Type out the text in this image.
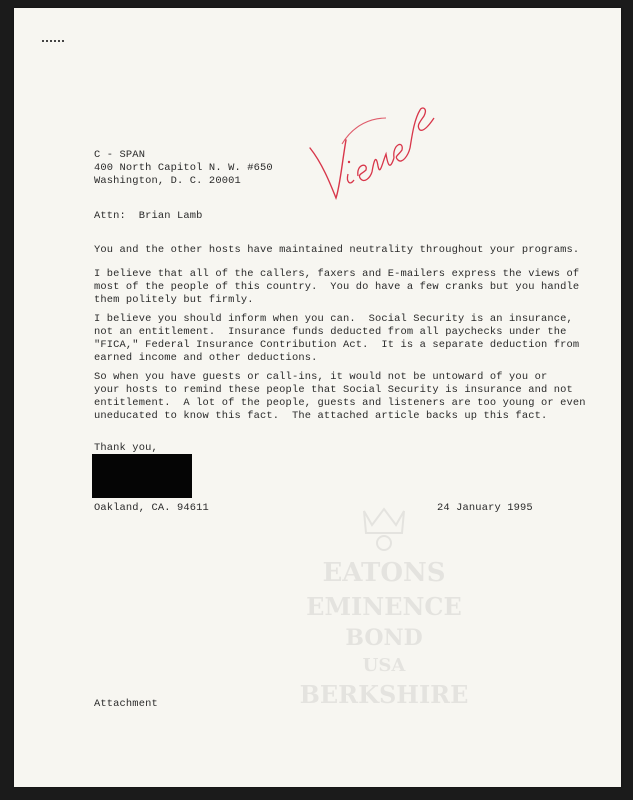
EATONS
EMINENCE
BOND
USA
BERKSHIRE
C - SPAN
400 North Capitol N. W. #650
Washington, D. C. 20001
Attn:  Brian Lamb
You and the other hosts have maintained neutrality throughout your programs.
I believe that all of the callers, faxers and E-mailers express the views of
most of the people of this country.  You do have a few cranks but you handle
them politely but firmly.
I believe you should inform when you can.  Social Security is an insurance,
not an entitlement.  Insurance funds deducted from all paychecks under the
"FICA," Federal Insurance Contribution Act.  It is a separate deduction from
earned income and other deductions.
So when you have guests or call-ins, it would not be untoward of you or
your hosts to remind these people that Social Security is insurance and not
entitlement.  A lot of the people, guests and listeners are too young or even
uneducated to know this fact.  The attached article backs up this fact.
Thank you,
Oakland, CA. 94611	24 January 1995
Attachment
